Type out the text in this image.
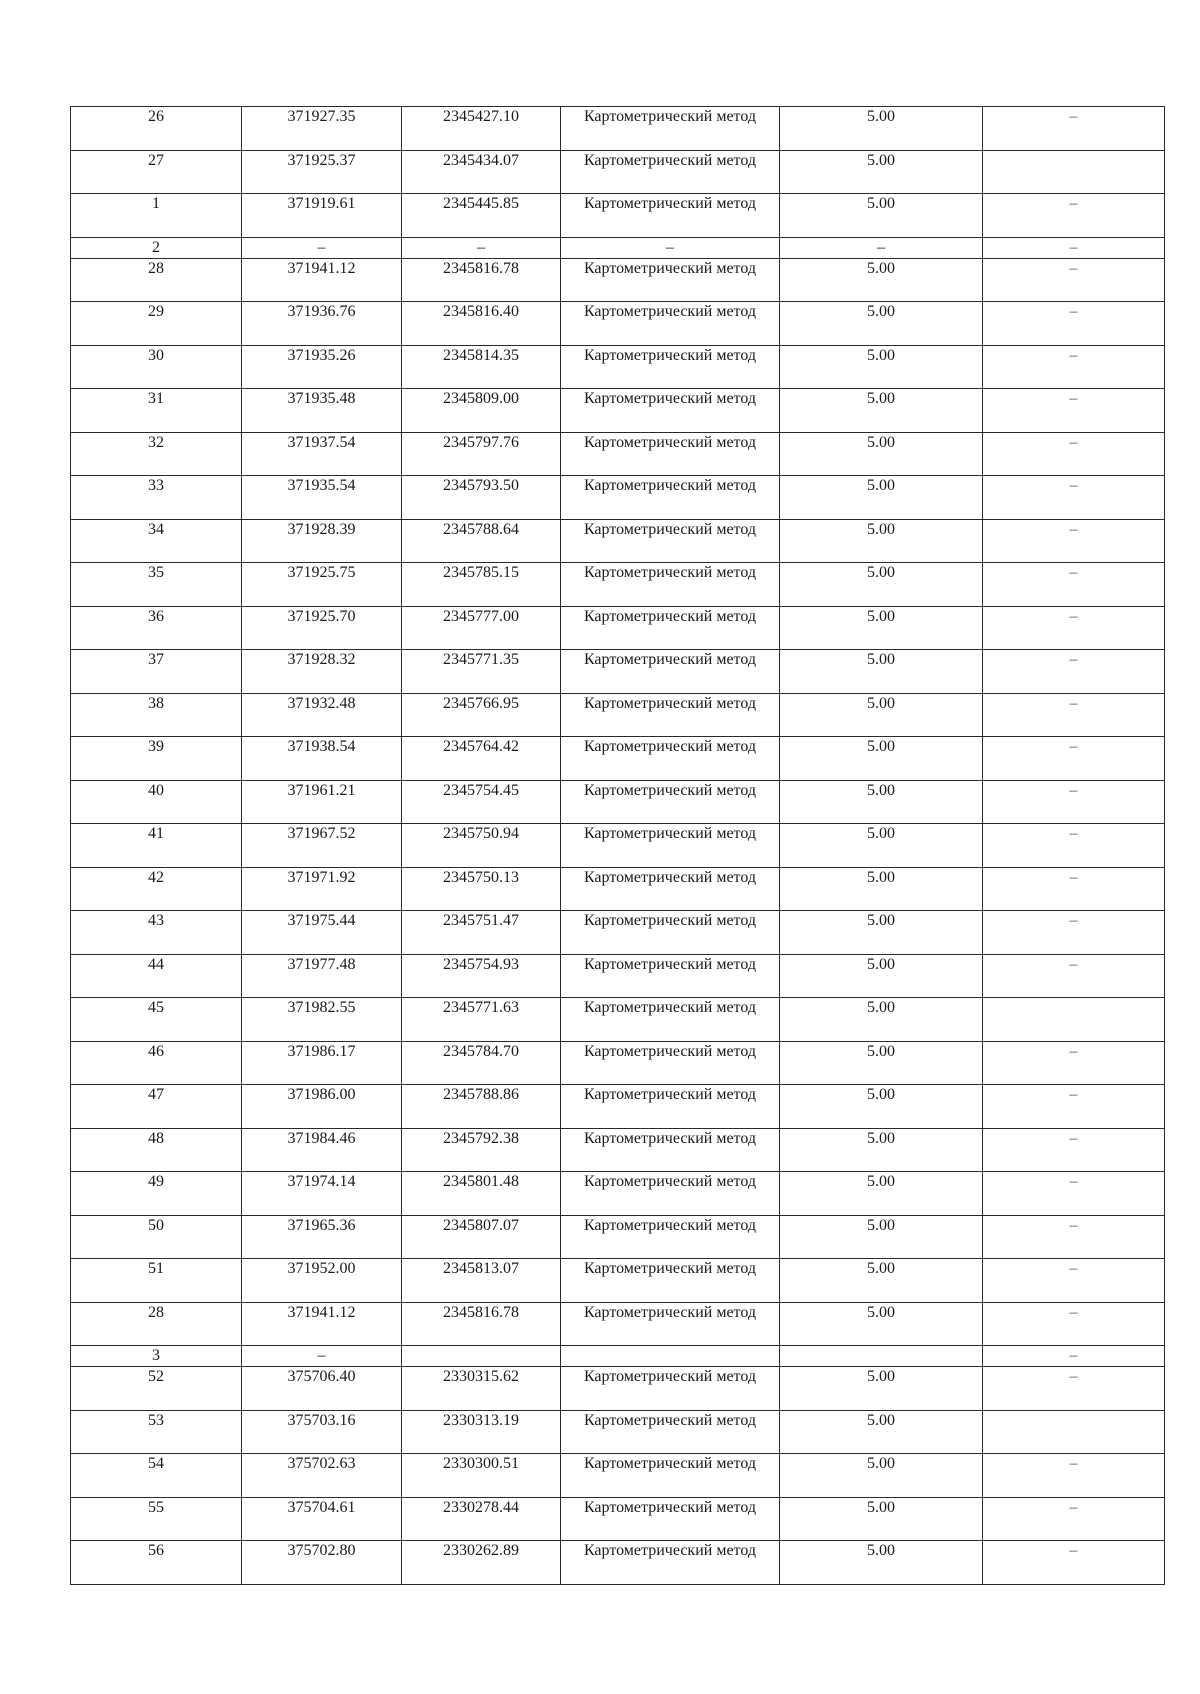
26	371927.35	2345427.10	Картометрический метод	5.00	–
27	371925.37	2345434.07	Картометрический метод	5.00	
1	371919.61	2345445.85	Картометрический метод	5.00	–
2	–	–	–	–	–
28	371941.12	2345816.78	Картометрический метод	5.00	–
29	371936.76	2345816.40	Картометрический метод	5.00	–
30	371935.26	2345814.35	Картометрический метод	5.00	–
31	371935.48	2345809.00	Картометрический метод	5.00	–
32	371937.54	2345797.76	Картометрический метод	5.00	–
33	371935.54	2345793.50	Картометрический метод	5.00	–
34	371928.39	2345788.64	Картометрический метод	5.00	–
35	371925.75	2345785.15	Картометрический метод	5.00	–
36	371925.70	2345777.00	Картометрический метод	5.00	–
37	371928.32	2345771.35	Картометрический метод	5.00	–
38	371932.48	2345766.95	Картометрический метод	5.00	–
39	371938.54	2345764.42	Картометрический метод	5.00	–
40	371961.21	2345754.45	Картометрический метод	5.00	–
41	371967.52	2345750.94	Картометрический метод	5.00	–
42	371971.92	2345750.13	Картометрический метод	5.00	–
43	371975.44	2345751.47	Картометрический метод	5.00	–
44	371977.48	2345754.93	Картометрический метод	5.00	–
45	371982.55	2345771.63	Картометрический метод	5.00	
46	371986.17	2345784.70	Картометрический метод	5.00	–
47	371986.00	2345788.86	Картометрический метод	5.00	–
48	371984.46	2345792.38	Картометрический метод	5.00	–
49	371974.14	2345801.48	Картометрический метод	5.00	–
50	371965.36	2345807.07	Картометрический метод	5.00	–
51	371952.00	2345813.07	Картометрический метод	5.00	–
28	371941.12	2345816.78	Картометрический метод	5.00	–
3	–				–
52	375706.40	2330315.62	Картометрический метод	5.00	–
53	375703.16	2330313.19	Картометрический метод	5.00	
54	375702.63	2330300.51	Картометрический метод	5.00	–
55	375704.61	2330278.44	Картометрический метод	5.00	–
56	375702.80	2330262.89	Картометрический метод	5.00	–
